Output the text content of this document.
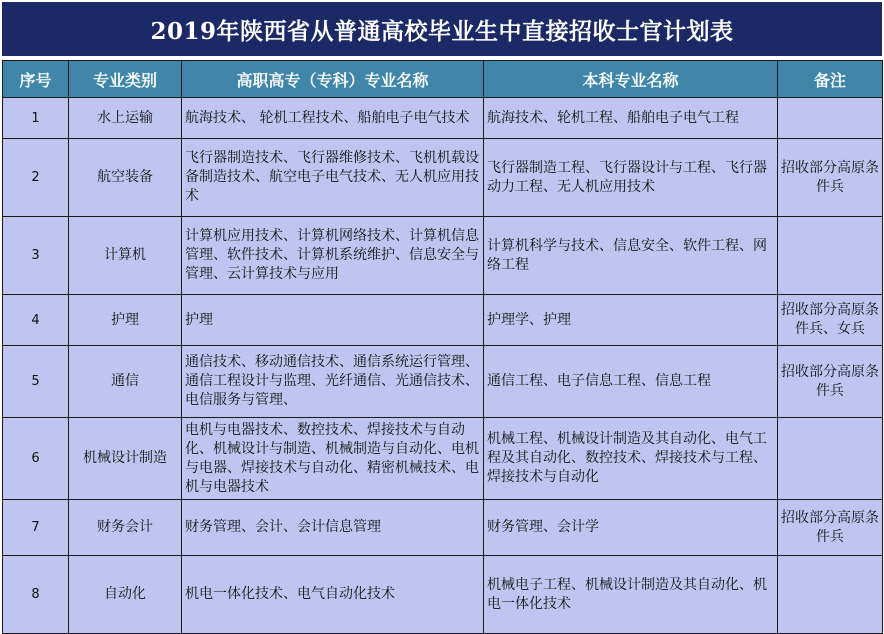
2019年陕西省从普通高校毕业生中直接招收士官计划表
序号	专业类别	高职高专（专科）专业名称	本科专业名称	备注
1	水上运输	航海技术、 轮机工程技术、船舶电子电气技术	航海技术、轮机工程、船舶电子电气工程	
2	航空装备	飞行器制造技术、飞行器维修技术、飞机机载设备制造技术、航空电子电气技术、无人机应用技术	飞行器制造工程、飞行器设计与工程、飞行器动力工程、无人机应用技术	招收部分高原条件兵
3	计算机	计算机应用技术、计算机网络技术、计算机信息管理、软件技术、计算机系统维护、信息安全与管理、云计算技术与应用	计算机科学与技术、信息安全、软件工程、网络工程	
4	护理	护理	护理学、护理	招收部分高原条件兵、女兵
5	通信	通信技术、移动通信技术、通信系统运行管理、通信工程设计与监理、光纤通信、光通信技术、电信服务与管理、	通信工程、电子信息工程、信息工程	招收部分高原条件兵
6	机械设计制造	电机与电器技术、数控技术、焊接技术与自动化、机械设计与制造、机械制造与自动化、电机与电器、焊接技术与自动化、精密机械技术、电机与电器技术	机械工程、机械设计制造及其自动化、电气工程及其自动化、数控技术、焊接技术与工程、焊接技术与自动化	
7	财务会计	财务管理、会计、会计信息管理	财务管理、会计学	招收部分高原条件兵
8	自动化	机电一体化技术、电气自动化技术	机械电子工程、机械设计制造及其自动化、机电一体化技术	
